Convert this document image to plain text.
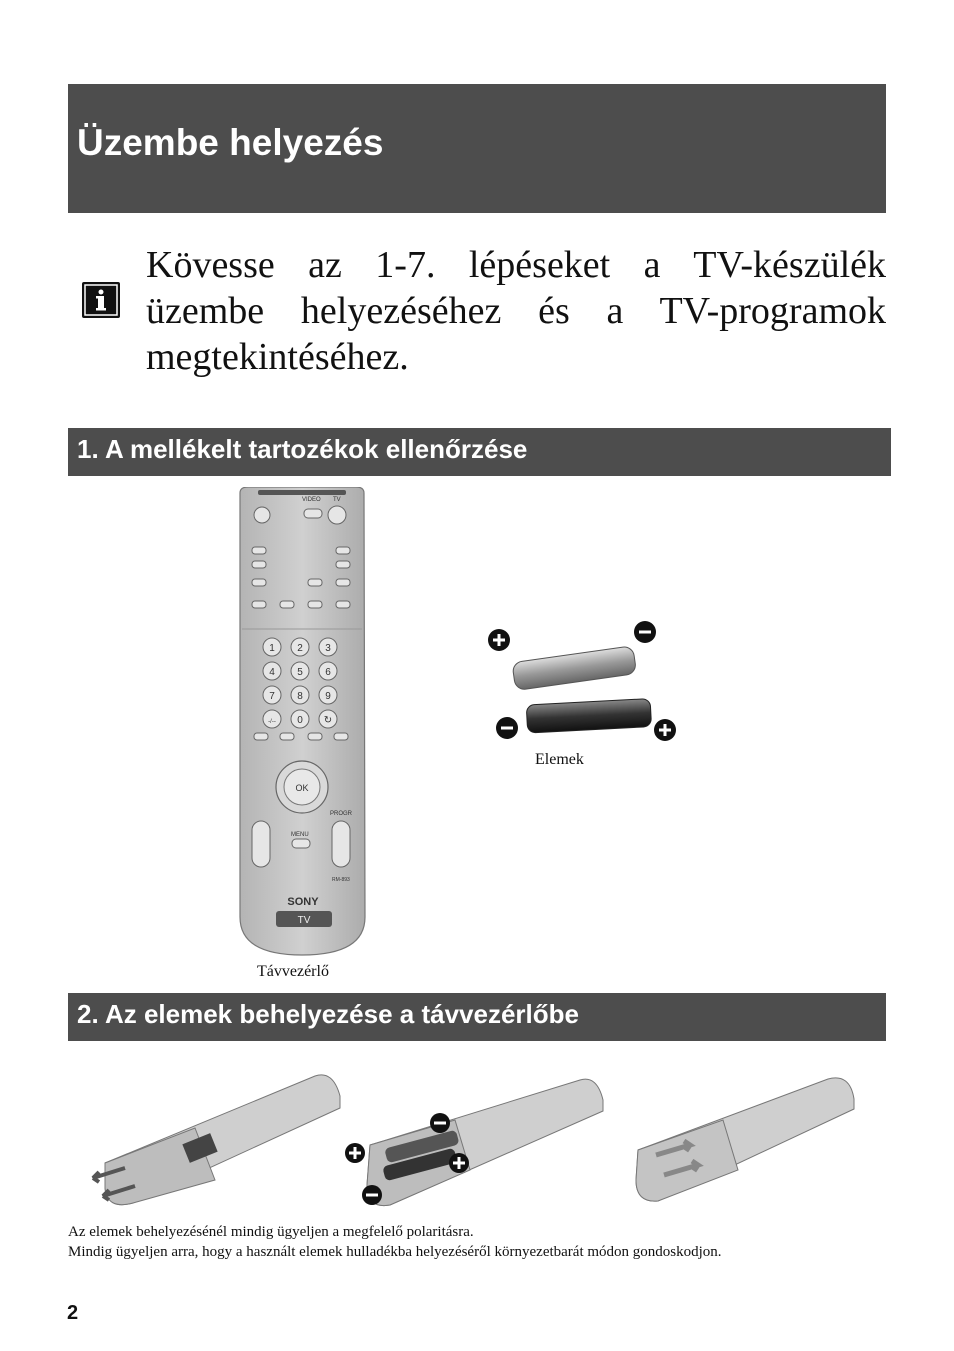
Üzembe helyezés
Kövesse az 1-7. lépéseket a TV-készülék üzembe helyezéséhez és a TV-programok megtekintéséhez.
1. A mellékelt tartozékok ellenőrzése
VIDEO TV
1 2 3
4 5 6
7 8 9
-/-- 0 ↻
OK
MENU
PROGR
RM-893
SONY
TV
Távvezérlő
Elemek
2. Az elemek behelyezése a távvezérlőbe
Az elemek behelyezésénél mindig ügyeljen a megfelelő polaritásra.
Mindig ügyeljen arra, hogy a használt elemek hulladékba helyezéséről környezetbarát módon gondoskodjon.
2
